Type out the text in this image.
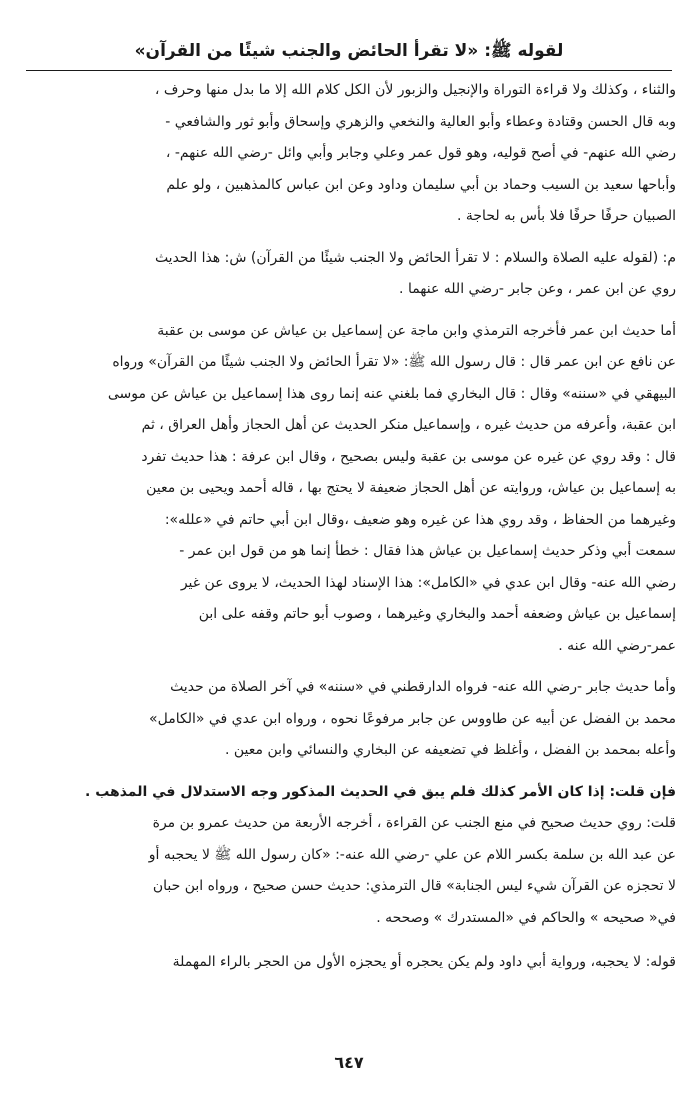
لقوله ﷺ: «لا تقرأ الحائض والجنب شيئًا من القرآن»

والثناء ، وكذلك ولا قراءة التوراة والإنجيل والزبور لأن الكل كلام الله إلا ما بدل منها وحرف ،

وبه قال الحسن وقتادة وعطاء وأبو العالية والنخعي والزهري وإسحاق وأبو ثور والشافعي -

رضي الله عنهم- في أصح قوليه، وهو قول عمر وعلي وجابر وأبي وائل -رضي الله عنهم- ،

وأباحها سعيد بن السيب وحماد بن أبي سليمان وداود وعن ابن عباس كالمذهبين ، ولو علم

الصبيان حرفًا حرفًا فلا بأس به لحاجة .

م: (لقوله عليه الصلاة والسلام : لا تقرأ الحائض ولا الجنب شيئًا من القرآن) ش: هذا الحديث

روي عن ابن عمر ، وعن جابر -رضي الله عنهما .

أما حديث ابن عمر فأخرجه الترمذي وابن ماجة عن إسماعيل بن عياش عن موسى بن عقبة

عن نافع عن ابن عمر قال : قال رسول الله ﷺ: «لا تقرأ الحائض ولا الجنب شيئًا من القرآن» ورواه

البيهقي في «سننه» وقال : قال البخاري فما بلغني عنه إنما روى هذا إسماعيل بن عياش عن موسى

ابن عقبة، وأعرفه من حديث غيره ، وإسماعيل منكر الحديث عن أهل الحجاز وأهل العراق ، ثم

قال : وقد روي عن غيره عن موسى بن عقبة وليس بصحيح ، وقال ابن عرفة : هذا حديث تفرد

به إسماعيل بن عياش، وروايته عن أهل الحجاز ضعيفة لا يحتج بها ، قاله أحمد ويحيى بن معين

وغيرهما من الحفاظ ، وقد روي هذا عن غيره وهو ضعيف ،وقال ابن أبي حاتم في «علله»:

سمعت أبي وذكر حديث إسماعيل بن عياش هذا فقال : خطأ إنما هو من قول ابن عمر -

رضي الله عنه- وقال ابن عدي في «الكامل»: هذا الإسناد لهذا الحديث، لا يروى عن غير

إسماعيل بن عياش وضعفه أحمد والبخاري وغيرهما ، وصوب أبو حاتم وقفه على ابن

عمر-رضي الله عنه .

وأما حديث جابر -رضي الله عنه- فرواه الدارقطني في «سننه» في آخر الصلاة من حديث

محمد بن الفضل عن أبيه عن طاووس عن جابر مرفوعًا نحوه ، ورواه ابن عدي في «الكامل»

وأعله بمحمد بن الفضل ، وأغلظ في تضعيفه عن البخاري والنسائي وابن معين .

فإن قلت: إذا كان الأمر كذلك فلم يبق في الحديث المذكور وجه الاستدلال في المذهب .

قلت: روي حديث صحيح في منع الجنب عن القراءة ، أخرجه الأربعة من حديث عمرو بن مرة

عن عبد الله بن سلمة بكسر اللام عن علي -رضي الله عنه-: «كان رسول الله ﷺ لا يحجبه أو

لا تحجزه عن القرآن شيء ليس الجنابة» قال الترمذي: حديث حسن صحيح ، ورواه ابن حبان

في« صحيحه » والحاكم في «المستدرك » وصححه .

قوله: لا يحجبه، ورواية أبي داود ولم يكن يحجره أو يحجزه الأول من الحجر بالراء المهملة

٦٤٧
